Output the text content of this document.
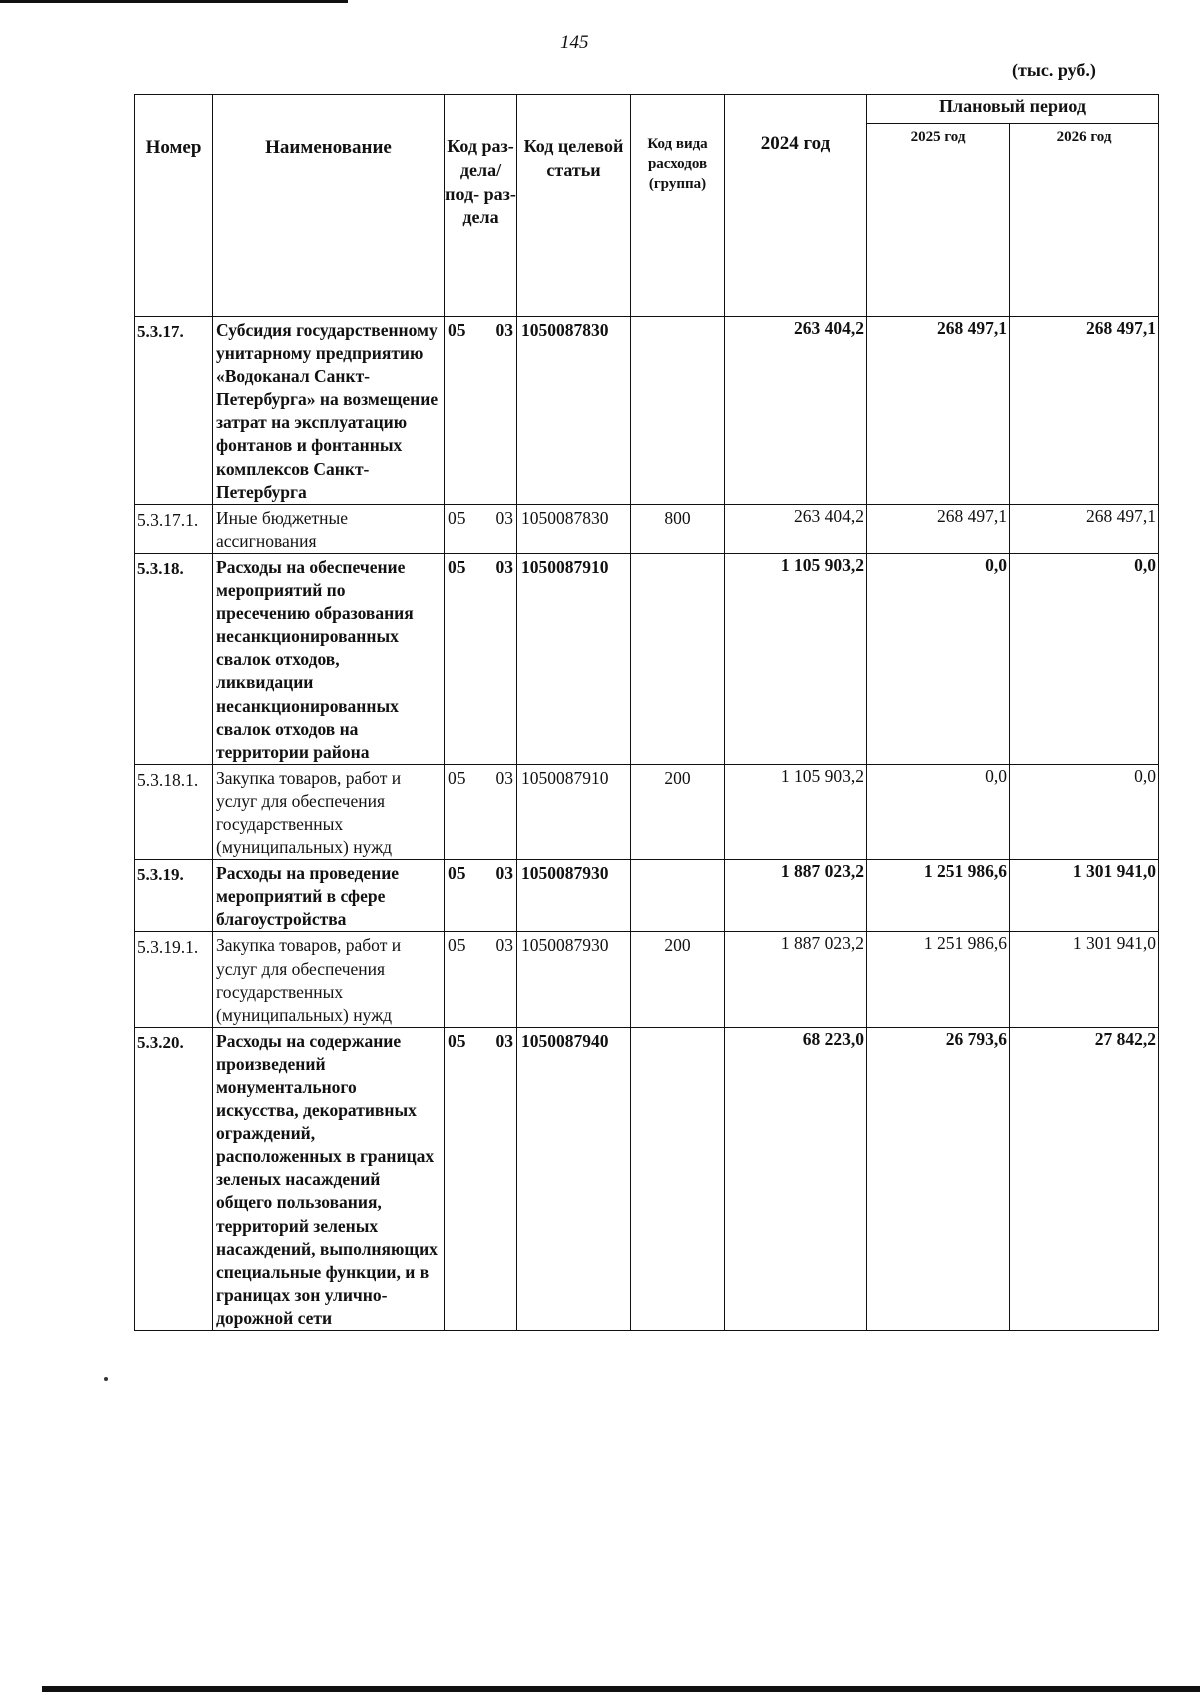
145
(тыс. руб.)
Номер	Наименование	Код раз- дела/ под- раз- дела	Код целевой статьи	Код вида расходов (группа)	2024 год	Плановый период	
						2025 год	2026 год
5.3.17.	Субсидия государственному унитарному предприятию «Водоканал Санкт-Петербурга» на возмещение затрат на эксплуатацию фонтанов и фонтанных комплексов Санкт-Петербурга	05 03	1050087830		263 404,2	268 497,1	268 497,1
5.3.17.1.	Иные бюджетные ассигнования	05 03	1050087830	800	263 404,2	268 497,1	268 497,1
5.3.18.	Расходы на обеспечение мероприятий по пресечению образования несанкционированных свалок отходов, ликвидации несанкционированных свалок отходов на территории района	05 03	1050087910		1 105 903,2	0,0	0,0
5.3.18.1.	Закупка товаров, работ и услуг для обеспечения государственных (муниципальных) нужд	05 03	1050087910	200	1 105 903,2	0,0	0,0
5.3.19.	Расходы на проведение мероприятий в сфере благоустройства	05 03	1050087930		1 887 023,2	1 251 986,6	1 301 941,0
5.3.19.1.	Закупка товаров, работ и услуг для обеспечения государственных (муниципальных) нужд	05 03	1050087930	200	1 887 023,2	1 251 986,6	1 301 941,0
5.3.20.	Расходы на содержание произведений монументального искусства, декоративных ограждений, расположенных в границах зеленых насаждений общего пользования, территорий зеленых насаждений, выполняющих специальные функции, и в границах зон улично-дорожной сети	05 03	1050087940		68 223,0	26 793,6	27 842,2
